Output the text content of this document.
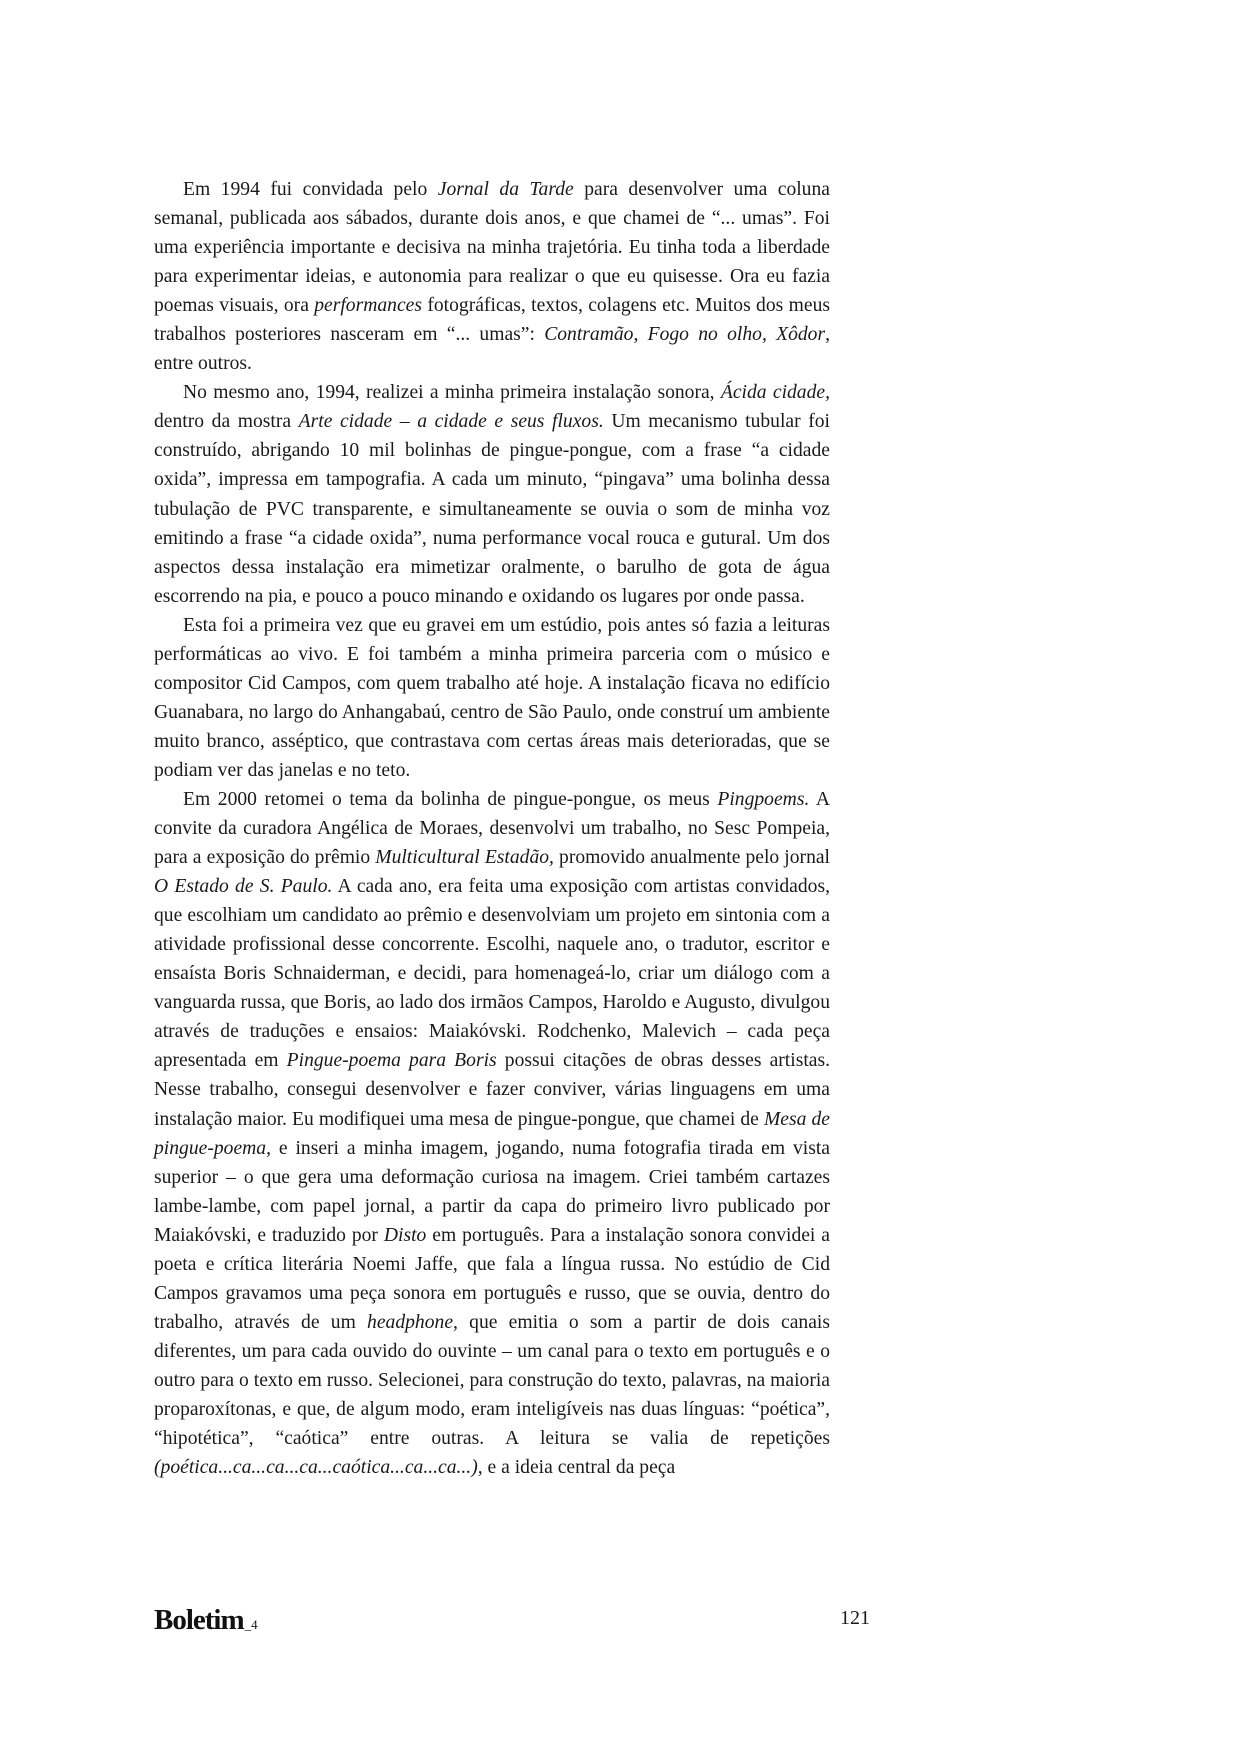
Em 1994 fui convidada pelo Jornal da Tarde para desenvolver uma coluna semanal, publicada aos sábados, durante dois anos, e que chamei de “... umas”. Foi uma experiência importante e decisiva na minha trajetória. Eu tinha toda a liberdade para experimentar ideias, e autonomia para realizar o que eu quisesse. Ora eu fazia poemas visuais, ora performances fotográficas, textos, colagens etc. Muitos dos meus trabalhos posteriores nasceram em “... umas”: Contramão, Fogo no olho, Xôdor, entre outros.

No mesmo ano, 1994, realizei a minha primeira instalação sonora, Ácida cidade, dentro da mostra Arte cidade – a cidade e seus fluxos. Um mecanismo tubular foi construído, abrigando 10 mil bolinhas de pingue-pongue, com a frase “a cidade oxida”, impressa em tampografia. A cada um minuto, “pingava” uma bolinha dessa tubulação de PVC transparente, e simultaneamente se ouvia o som de minha voz emitindo a frase “a cidade oxida”, numa performance vocal rouca e gutural. Um dos aspectos dessa instalação era mimetizar oralmente, o barulho de gota de água escorrendo na pia, e pouco a pouco minando e oxidando os lugares por onde passa.

Esta foi a primeira vez que eu gravei em um estúdio, pois antes só fazia a leituras performáticas ao vivo. E foi também a minha primeira parceria com o músico e compositor Cid Campos, com quem trabalho até hoje. A instalação ficava no edifício Guanabara, no largo do Anhangabaú, centro de São Paulo, onde construí um ambiente muito branco, asséptico, que contrastava com certas áreas mais deterioradas, que se podiam ver das janelas e no teto.

Em 2000 retomei o tema da bolinha de pingue-pongue, os meus Pingpoems. A convite da curadora Angélica de Moraes, desenvolvi um trabalho, no Sesc Pompeia, para a exposição do prêmio Multicultural Estadão, promovido anualmente pelo jornal O Estado de S. Paulo. A cada ano, era feita uma exposição com artistas convidados, que escolhiam um candidato ao prêmio e desenvolviam um projeto em sintonia com a atividade profissional desse concorrente. Escolhi, naquele ano, o tradutor, escritor e ensaísta Boris Schnaiderman, e decidi, para homenageá-lo, criar um diálogo com a vanguarda russa, que Boris, ao lado dos irmãos Campos, Haroldo e Augusto, divulgou através de traduções e ensaios: Maiakóvski. Rodchenko, Malevich – cada peça apresentada em Pingue-poema para Boris possui citações de obras desses artistas. Nesse trabalho, consegui desenvolver e fazer conviver, várias linguagens em uma instalação maior. Eu modifiquei uma mesa de pingue-pongue, que chamei de Mesa de pingue-poema, e inseri a minha imagem, jogando, numa fotografia tirada em vista superior – o que gera uma deformação curiosa na imagem. Criei também cartazes lambe-lambe, com papel jornal, a partir da capa do primeiro livro publicado por Maiakóvski, e traduzido por Disto em português. Para a instalação sonora convidei a poeta e crítica literária Noemi Jaffe, que fala a língua russa. No estúdio de Cid Campos gravamos uma peça sonora em português e russo, que se ouvia, dentro do trabalho, através de um headphone, que emitia o som a partir de dois canais diferentes, um para cada ouvido do ouvinte – um canal para o texto em português e o outro para o texto em russo. Selecionei, para construção do texto, palavras, na maioria proparoxítonas, e que, de algum modo, eram inteligíveis nas duas línguas: “poética”, “hipotética”, “caótica” entre outras. A leitura se valia de repetições (poética...ca...ca...ca...caótica...ca...ca...), e a ideia central da peça

Boletim_4	121
